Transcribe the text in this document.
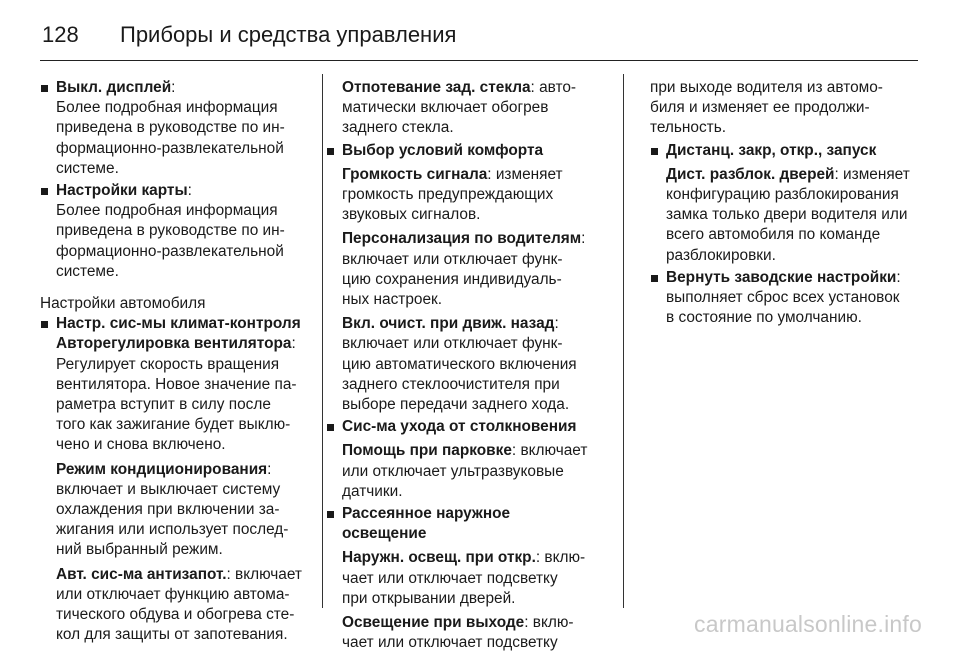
128	Приборы и средства управления
Выкл. дисплей:
Более подробная информация
приведена в руководстве по ин-
формационно-развлекательной
системе.
Настройки карты:
Более подробная информация
приведена в руководстве по ин-
формационно-развлекательной
системе.
Настройки автомобиля
Настр. сис-мы климат-контроля
Авторегулировка вентилятора:
Регулирует скорость вращения
вентилятора. Новое значение па-
раметра вступит в силу после
того как зажигание будет выклю-
чено и снова включено.
Режим кондиционирования:
включает и выключает систему
охлаждения при включении за-
жигания или использует послед-
ний выбранный режим.
Авт. сис-ма антизапот.: включает
или отключает функцию автома-
тического обдува и обогрева сте-
кол для защиты от запотевания.
Отпотевание зад. стекла: авто-
матически включает обогрев
заднего стекла.
Выбор условий комфорта
Громкость сигнала: изменяет
громкость предупреждающих
звуковых сигналов.
Персонализация по водителям:
включает или отключает функ-
цию сохранения индивидуаль-
ных настроек.
Вкл. очист. при движ. назад:
включает или отключает функ-
цию автоматического включения
заднего стеклоочистителя при
выборе передачи заднего хода.
Сис-ма ухода от столкновения
Помощь при парковке: включает
или отключает ультразвуковые
датчики.
Рассеянное наружное
освещение
Наружн. освещ. при откр.: вклю-
чает или отключает подсветку
при открывании дверей.
Освещение при выходе: вклю-
чает или отключает подсветку
при выходе водителя из автомо-
биля и изменяет ее продолжи-
тельность.
Дистанц. закр, откр., запуск
Дист. разблок. дверей: изменяет
конфигурацию разблокирования
замка только двери водителя или
всего автомобиля по команде
разблокировки.
Вернуть заводские настройки:
выполняет сброс всех установок
в состояние по умолчанию.
carmanualsonline.info
